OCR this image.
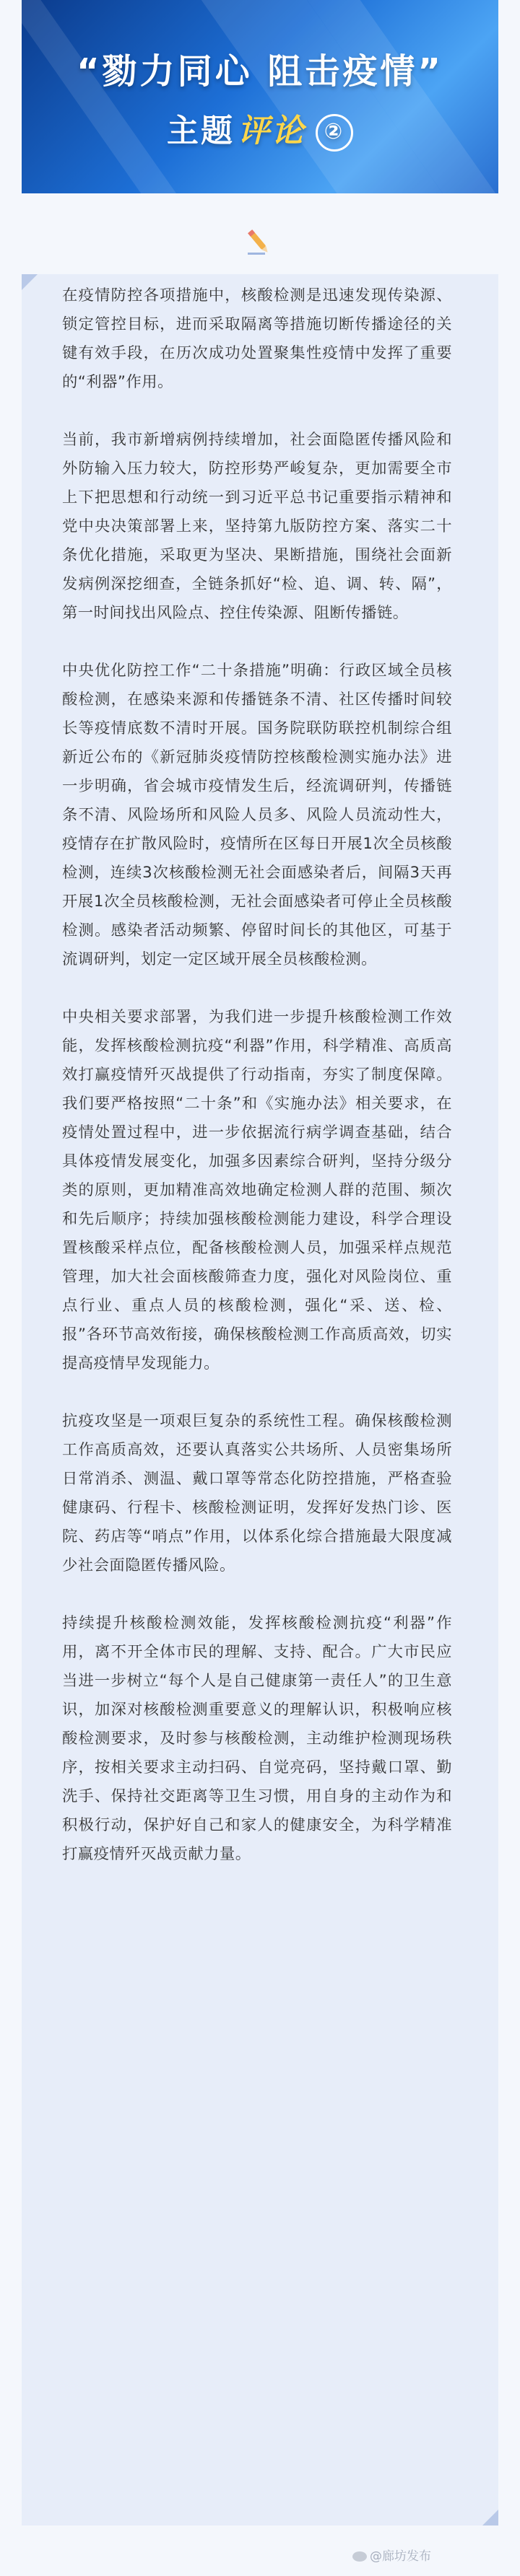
“勠力同心 阻击疫情”
主题评论 ②

在疫情防控各项措施中，核酸检测是迅速发现传染源、锁定管控目标，进而采取隔离等措施切断传播途径的关键有效手段，在历次成功处置聚集性疫情中发挥了重要的“利器”作用。

当前，我市新增病例持续增加，社会面隐匿传播风险和外防输入压力较大，防控形势严峻复杂，更加需要全市上下把思想和行动统一到习近平总书记重要指示精神和党中央决策部署上来，坚持第九版防控方案、落实二十条优化措施，采取更为坚决、果断措施，围绕社会面新发病例深挖细查，全链条抓好“检、追、调、转、隔”，第一时间找出风险点、控住传染源、阻断传播链。

中央优化防控工作“二十条措施”明确：行政区域全员核酸检测，在感染来源和传播链条不清、社区传播时间较长等疫情底数不清时开展。国务院联防联控机制综合组新近公布的《新冠肺炎疫情防控核酸检测实施办法》进一步明确，省会城市疫情发生后，经流调研判，传播链条不清、风险场所和风险人员多、风险人员流动性大，疫情存在扩散风险时，疫情所在区每日开展1次全员核酸检测，连续3次核酸检测无社会面感染者后，间隔3天再开展1次全员核酸检测，无社会面感染者可停止全员核酸检测。感染者活动频繁、停留时间长的其他区，可基于流调研判，划定一定区域开展全员核酸检测。

中央相关要求部署，为我们进一步提升核酸检测工作效能，发挥核酸检测抗疫“利器”作用，科学精准、高质高效打赢疫情歼灭战提供了行动指南，夯实了制度保障。我们要严格按照“二十条”和《实施办法》相关要求，在疫情处置过程中，进一步依据流行病学调查基础，结合具体疫情发展变化，加强多因素综合研判，坚持分级分类的原则，更加精准高效地确定检测人群的范围、频次和先后顺序；持续加强核酸检测能力建设，科学合理设置核酸采样点位，配备核酸检测人员，加强采样点规范管理，加大社会面核酸筛查力度，强化对风险岗位、重点行业、重点人员的核酸检测，强化“采、送、检、报”各环节高效衔接，确保核酸检测工作高质高效，切实提高疫情早发现能力。

抗疫攻坚是一项艰巨复杂的系统性工程。确保核酸检测工作高质高效，还要认真落实公共场所、人员密集场所日常消杀、测温、戴口罩等常态化防控措施，严格查验健康码、行程卡、核酸检测证明，发挥好发热门诊、医院、药店等“哨点”作用，以体系化综合措施最大限度减少社会面隐匿传播风险。

持续提升核酸检测效能，发挥核酸检测抗疫“利器”作用，离不开全体市民的理解、支持、配合。广大市民应当进一步树立“每个人是自己健康第一责任人”的卫生意识，加深对核酸检测重要意义的理解认识，积极响应核酸检测要求，及时参与核酸检测，主动维护检测现场秩序，按相关要求主动扫码、自觉亮码，坚持戴口罩、勤洗手、保持社交距离等卫生习惯，用自身的主动作为和积极行动，保护好自己和家人的健康安全，为科学精准打赢疫情歼灭战贡献力量。

@廊坊发布
